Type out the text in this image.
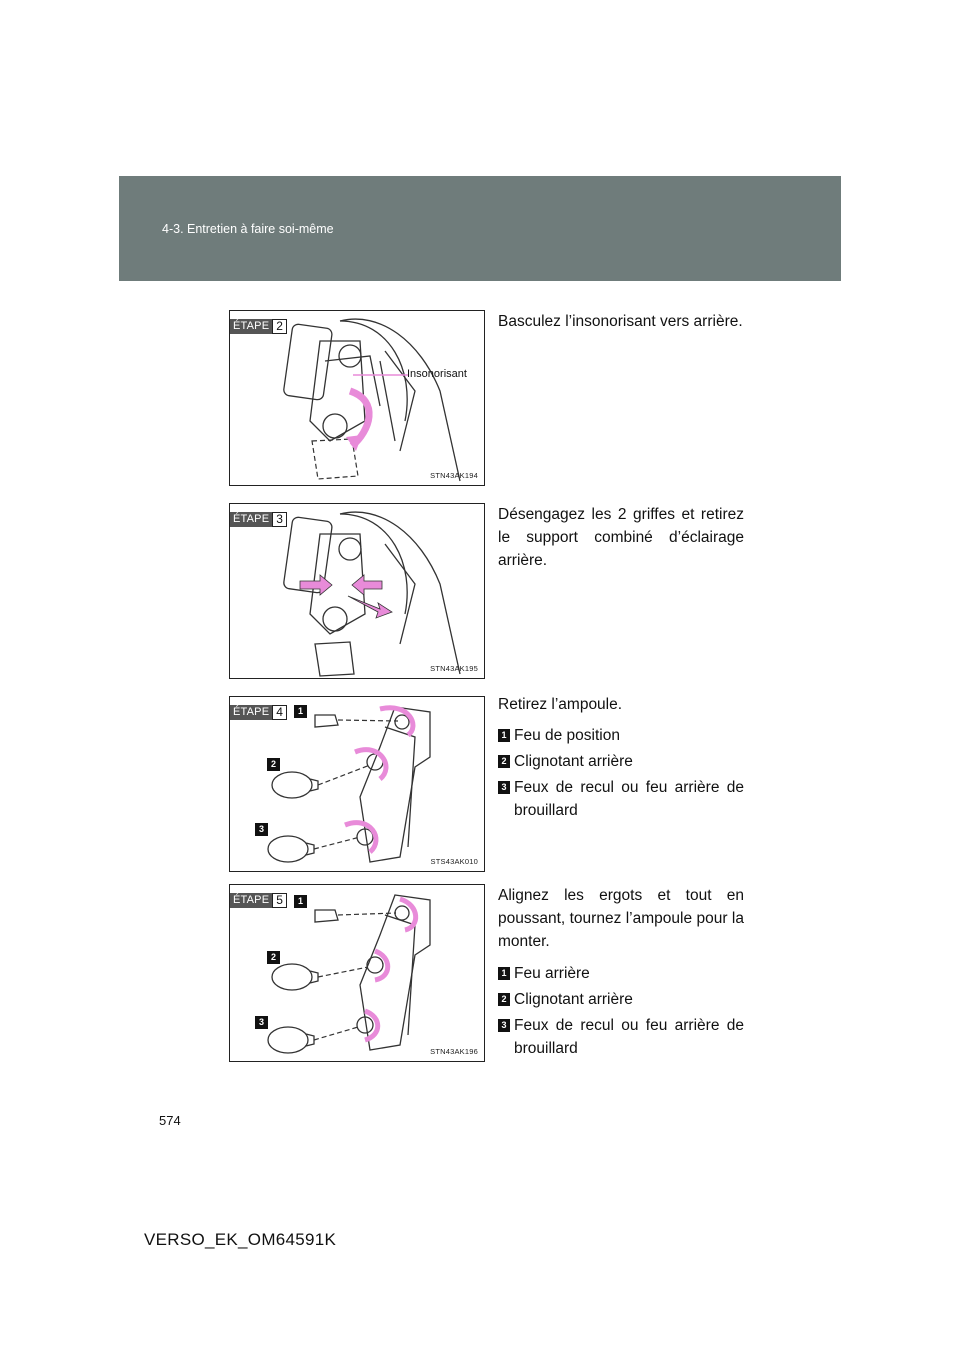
4-3. Entretien à faire soi-même
Insonorisant
ÉTAPE 2
STN43AK194
Basculez l’insonorisant vers arrière.
ÉTAPE 3
STN43AK195
Désengagez les 2 griffes et retirez le support combiné d’éclairage arrière.
1
2
3
ÉTAPE 4
STS43AK010
Retirez l’ampoule.
1 Feu de position
2 Clignotant arrière
3 Feux de recul ou feu arrière de brouillard
1
2
3
ÉTAPE 5
STN43AK196
Alignez les ergots et tout en poussant, tournez l’ampoule pour la monter.
1 Feu arrière
2 Clignotant arrière
3 Feux de recul ou feu arrière de brouillard
574
VERSO_EK_OM64591K
